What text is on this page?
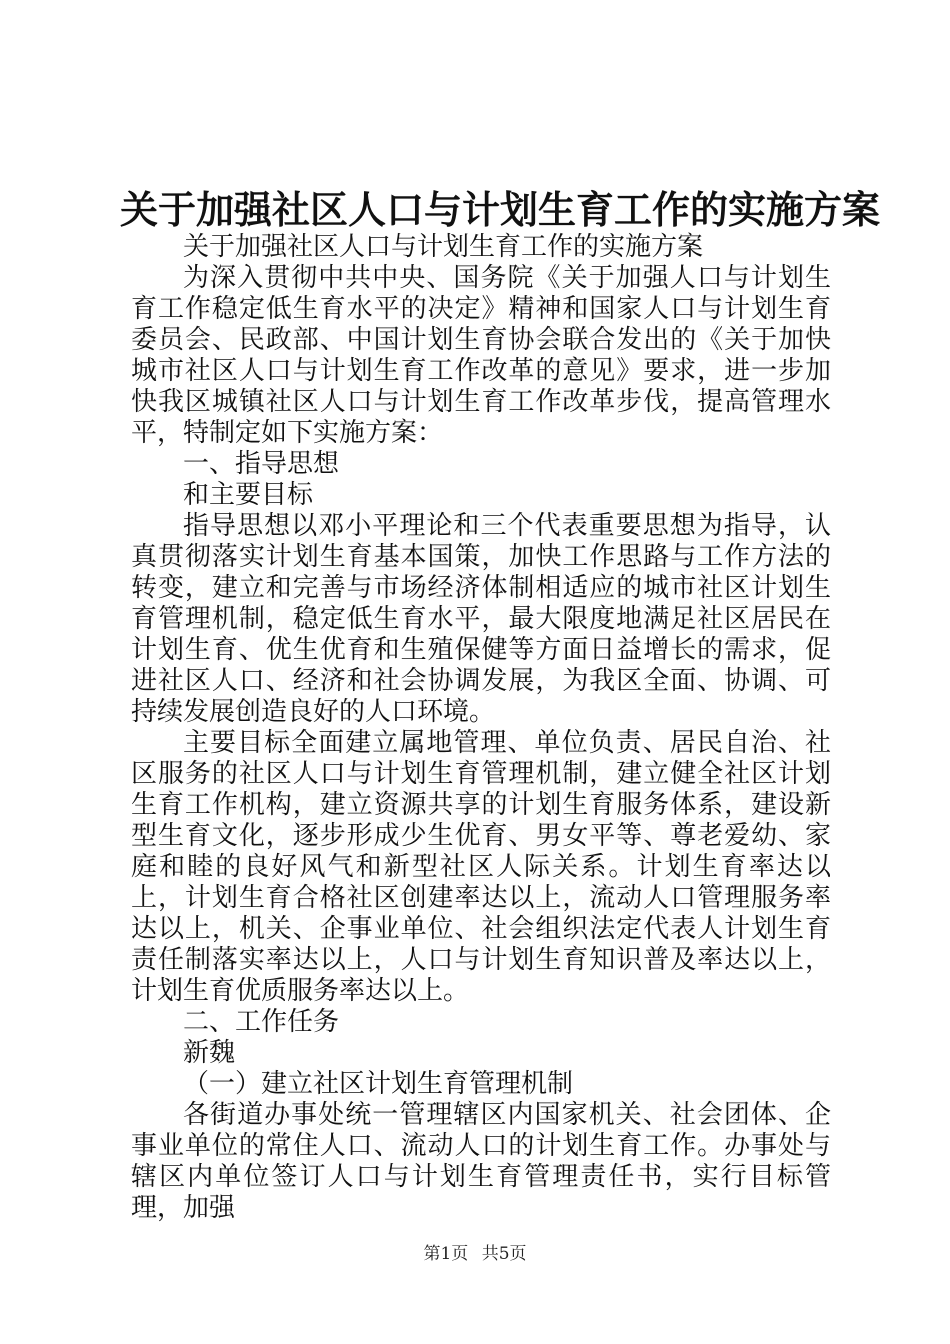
关于加强社区人口与计划生育工作的实施方案

关于加强社区人口与计划生育工作的实施方案

为深入贯彻中共中央、国务院《关于加强人口与计划生育工作稳定低生育水平的决定》精神和国家人口与计划生育委员会、民政部、中国计划生育协会联合发出的《关于加快城市社区人口与计划生育工作改革的意见》要求，进一步加快我区城镇社区人口与计划生育工作改革步伐，提高管理水平，特制定如下实施方案：

一、指导思想

和主要目标

指导思想以邓小平理论和三个代表重要思想为指导，认真贯彻落实计划生育基本国策，加快工作思路与工作方法的转变，建立和完善与市场经济体制相适应的城市社区计划生育管理机制，稳定低生育水平，最大限度地满足社区居民在计划生育、优生优育和生殖保健等方面日益增长的需求，促进社区人口、经济和社会协调发展，为我区全面、协调、可持续发展创造良好的人口环境。

主要目标全面建立属地管理、单位负责、居民自治、社区服务的社区人口与计划生育管理机制，建立健全社区计划生育工作机构，建立资源共享的计划生育服务体系，建设新型生育文化，逐步形成少生优育、男女平等、尊老爱幼、家庭和睦的良好风气和新型社区人际关系。计划生育率达以上，计划生育合格社区创建率达以上，流动人口管理服务率达以上，机关、企事业单位、社会组织法定代表人计划生育责任制落实率达以上，人口与计划生育知识普及率达以上，计划生育优质服务率达以上。

二、工作任务

新魏

（一）建立社区计划生育管理机制

各街道办事处统一管理辖区内国家机关、社会团体、企事业单位的常住人口、流动人口的计划生育工作。办事处与辖区内单位签订人口与计划生育管理责任书，实行目标管理，加强

第1页 共5页
